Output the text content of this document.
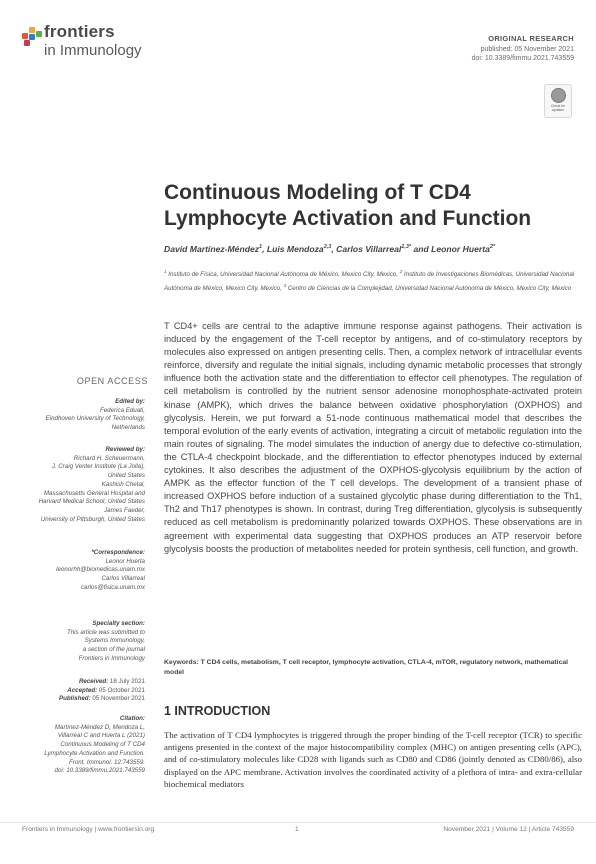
frontiers
in Immunology
ORIGINAL RESEARCH
published: 05 November 2021
doi: 10.3389/fimmu.2021.743559
Check for updates
Continuous Modeling of T CD4
Lymphocyte Activation and Function
David Martínez-Méndez$^1$, Luis Mendoza$^{2,3}$, Carlos Villarreal$^{1,3*}$ and Leonor Huerta$^{2*}$
$^1$ Instituto de Física, Universidad Nacional Autónoma de México, Mexico City, Mexico, $^2$ Instituto de Investigaciones Biomédicas, Universidad Nacional Autónoma de México, Mexico City, Mexico, $^3$ Centro de Ciencias de la Complejidad, Universidad Nacional Autónoma de México, Mexico City, Mexico
T CD4+ cells are central to the adaptive immune response against pathogens. Their activation is induced by the engagement of the T-cell receptor by antigens, and of co-stimulatory receptors by molecules also expressed on antigen presenting cells. Then, a complex network of intracellular events reinforce, diversify and regulate the initial signals, including dynamic metabolic processes that strongly influence both the activation state and the differentiation to effector cell phenotypes. The regulation of cell metabolism is controlled by the nutrient sensor adenosine monophosphate-activated protein kinase (AMPK), which drives the balance between oxidative phosphorylation (OXPHOS) and glycolysis. Herein, we put forward a 51-node continuous mathematical model that describes the temporal evolution of the early events of activation, integrating a circuit of metabolic regulation into the main routes of signaling. The model simulates the induction of anergy due to defective co-stimulation, the CTLA-4 checkpoint blockade, and the differentiation to effector phenotypes induced by external cytokines. It also describes the adjustment of the OXPHOS-glycolysis equilibrium by the action of AMPK as the effector function of the T cell develops. The development of a transient phase of increased OXPHOS before induction of a sustained glycolytic phase during differentiation to the Th1, Th2 and Th17 phenotypes is shown. In contrast, during Treg differentiation, glycolysis is subsequently reduced as cell metabolism is predominantly polarized towards OXPHOS. These observations are in agreement with experimental data suggesting that OXPHOS produces an ATP reservoir before glycolysis boosts the production of metabolites needed for protein synthesis, cell function, and growth.
Keywords: T CD4 cells, metabolism, T cell receptor, lymphocyte activation, CTLA-4, mTOR, regulatory network, mathematical model
1 INTRODUCTION
The activation of T CD4 lymphocytes is triggered through the proper binding of the T-cell receptor (TCR) to specific antigens presented in the context of the major histocompatibility complex (MHC) on antigen presenting cells (APC), and of co-stimulatory molecules like CD28 with ligands such as CD80 and CD86 (jointly denoted as CD80/86), also displayed on the APC membrane. Activation involves the coordinated activity of a plethora of intra- and extra-cellular biochemical mediators
OPEN ACCESS
Edited by:
Federica Eduati,
Eindhoven University of Technology,
Netherlands
Reviewed by:
Richard H. Scheuermann,
J. Craig Venter Institute (La Jolla),
United States
Kashish Chetal,
Massachusetts General Hospital and
Harvard Medical School, United States
James Faeder,
University of Pittsburgh, United States
*Correspondence:
Leonor Huerta
leonorhh@biomedicas.unam.mx
Carlos Villarreal
carlos@fisica.unam.mx
Specialty section:
This article was submitted to
Systems Immunology,
a section of the journal
Frontiers in Immunology
Received: 18 July 2021
Accepted: 05 October 2021
Published: 05 November 2021
Citation:
Martínez-Méndez D, Mendoza L,
Villarreal C and Huerta L (2021)
Continuous Modeling of T CD4
Lymphocyte Activation and Function.
Front. Immunol. 12:743559.
doi: 10.3389/fimmu.2021.743559
Frontiers in Immunology | www.frontiersin.org	1	November 2021 | Volume 12 | Article 743559
